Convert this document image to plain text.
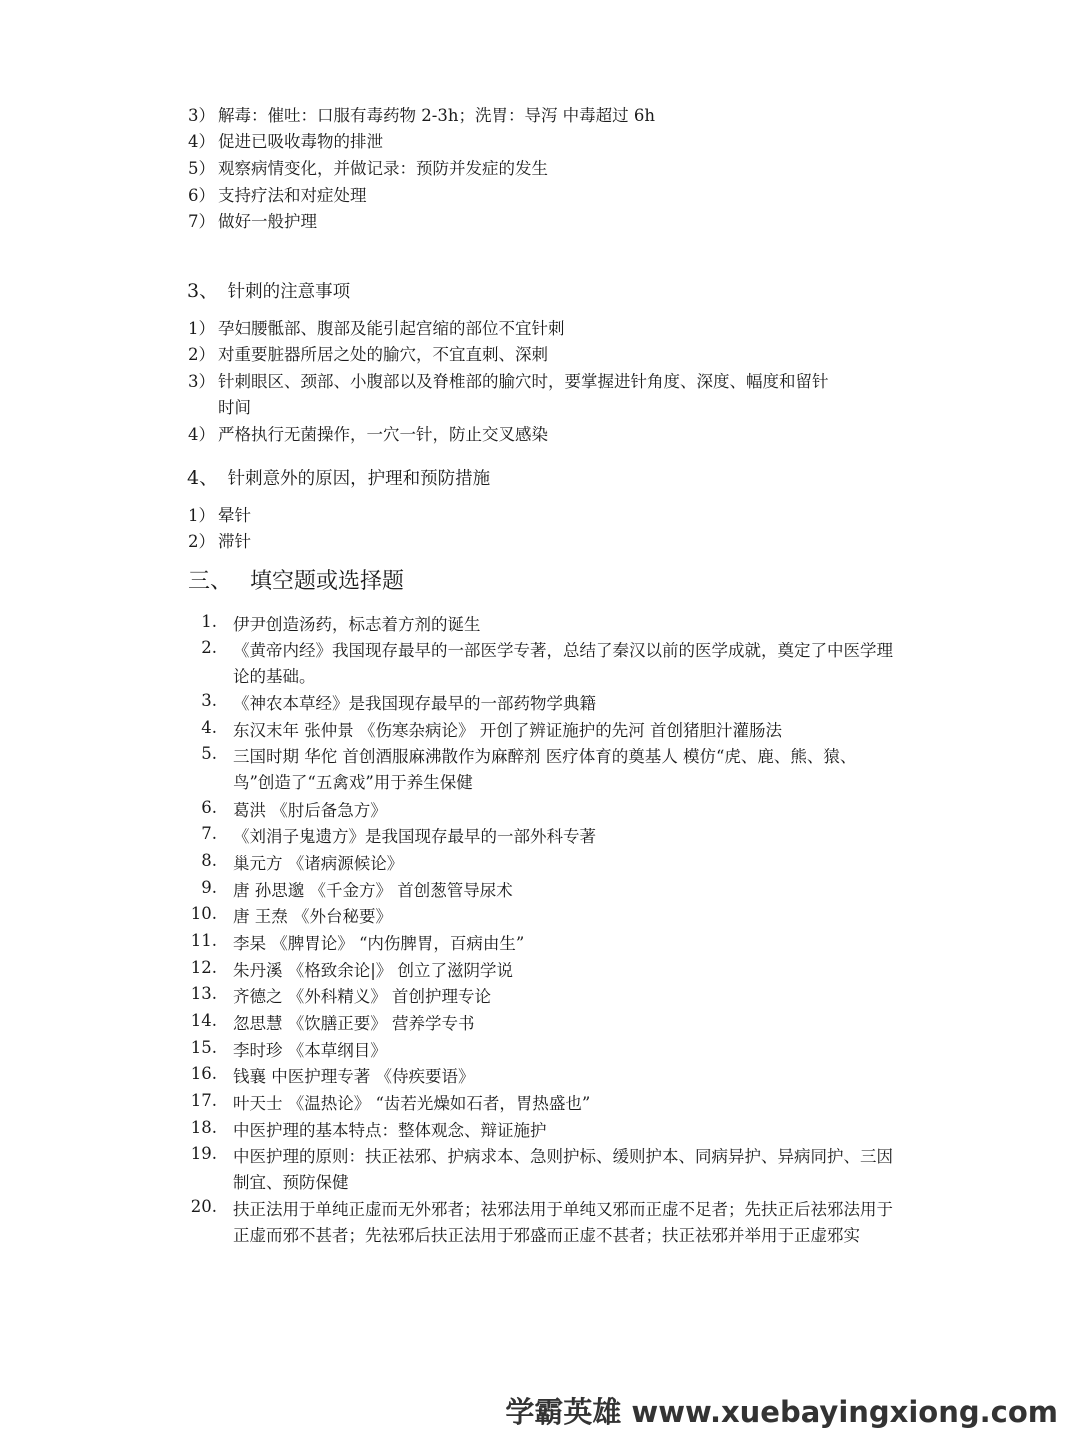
3） 解毒：催吐：口服有毒药物 2-3h；洗胃：导泻 中毒超过 6h
4） 促进已吸收毒物的排泄
5） 观察病情变化，并做记录：预防并发症的发生
6） 支持疗法和对症处理
7） 做好一般护理
3、 针刺的注意事项
1） 孕妇腰骶部、腹部及能引起宫缩的部位不宜针刺
2） 对重要脏器所居之处的腧穴，不宜直刺、深刺
3） 针刺眼区、颈部、小腹部以及脊椎部的腧穴时，要掌握进针角度、深度、幅度和留针
时间
4） 严格执行无菌操作，一穴一针，防止交叉感染
4、 针刺意外的原因，护理和预防措施
1） 晕针
2） 滞针
三、 填空题或选择题
1. 伊尹创造汤药，标志着方剂的诞生
2. 《黄帝内经》我国现存最早的一部医学专著，总结了秦汉以前的医学成就，奠定了中医学理论的基础。
3. 《神农本草经》是我国现存最早的一部药物学典籍
4. 东汉末年 张仲景 《伤寒杂病论》 开创了辨证施护的先河 首创猪胆汁灌肠法
5. 三国时期 华佗 首创酒服麻沸散作为麻醉剂 医疗体育的奠基人 模仿“虎、鹿、熊、猿、鸟”创造了“五禽戏”用于养生保健
6. 葛洪 《肘后备急方》
7. 《刘涓子鬼遗方》是我国现存最早的一部外科专著
8. 巢元方 《诸病源候论》
9. 唐 孙思邈 《千金方》 首创葱管导尿术
10. 唐 王焘 《外台秘要》
11. 李杲 《脾胃论》 “内伤脾胃，百病由生”
12. 朱丹溪 《格致余论|》 创立了滋阴学说
13. 齐德之 《外科精义》 首创护理专论
14. 忽思慧 《饮膳正要》 营养学专书
15. 李时珍 《本草纲目》
16. 钱襄 中医护理专著 《侍疾要语》
17. 叶天士 《温热论》 “齿若光燥如石者，胃热盛也”
18. 中医护理的基本特点：整体观念、辩证施护
19. 中医护理的原则：扶正祛邪、护病求本、急则护标、缓则护本、同病异护、异病同护、三因制宜、预防保健
20. 扶正法用于单纯正虚而无外邪者；祛邪法用于单纯又邪而正虚不足者；先扶正后祛邪法用于正虚而邪不甚者；先祛邪后扶正法用于邪盛而正虚不甚者；扶正祛邪并举用于正虚邪实
学霸英雄 www.xuebayingxiong.com
